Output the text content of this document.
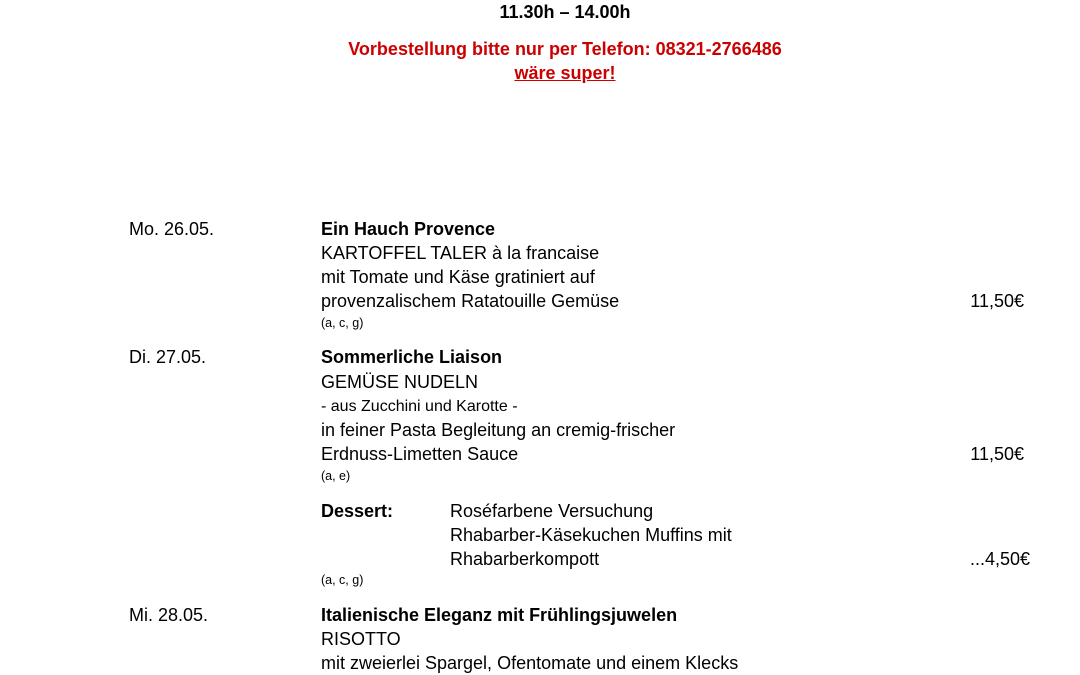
11.30h – 14.00h
Vorbestellung bitte nur per Telefon: 08321-2766486
wäre super!
Mo. 26.05.	Ein Hauch Provence
KARTOFFEL TALER à la francaise
mit Tomate und Käse gratiniert auf
provenzalischem Ratatouille Gemüse	11,50€
(a, c, g)
Di. 27.05.	Sommerliche Liaison
GEMÜSE NUDELN
- aus Zucchini und Karotte -
in feiner Pasta Begleitung an cremig-frischer
Erdnuss-Limetten Sauce	11,50€
(a, e)
Dessert:	Roséfarbene Versuchung
Rhabarber-Käsekuchen Muffins mit
Rhabarberkompott	...4,50€
(a, c, g)
Mi. 28.05.	Italienische Eleganz mit Frühlingsjuwelen
RISOTTO
mit zweierlei Spargel, Ofentomate und einem Klecks
